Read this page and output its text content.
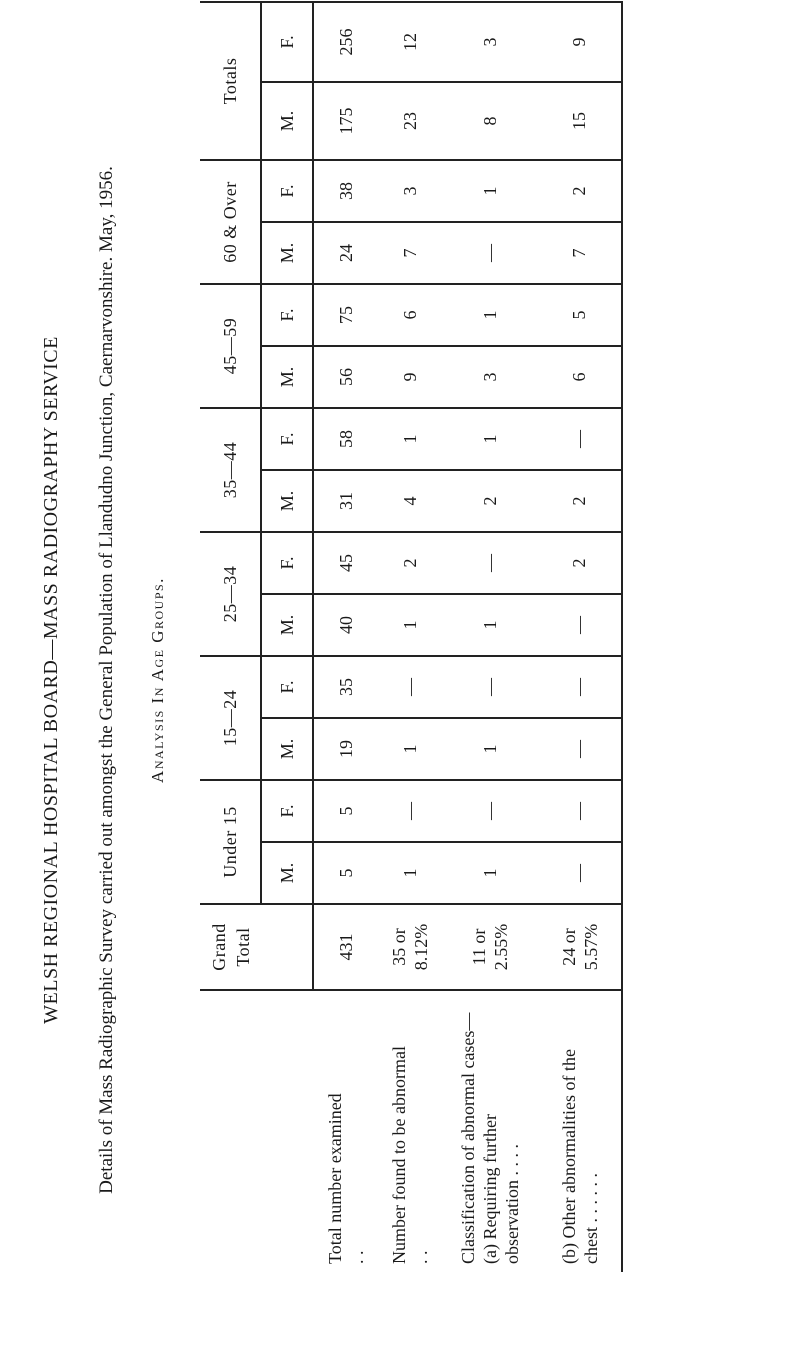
WELSH REGIONAL HOSPITAL BOARD—MASS RADIOGRAPHY SERVICE Details of Mass Radiographic Survey carried out amongst the General Population of Llandudno Junction, Caernarvonshire. May, 1956. Analysis In Age Groups.
	Grand Total	Under 15		15—24		25—34		35—44		45—59		60 & Over		Totals	
		M.	F.	M.	F.	M.	F.	M.	F.	M.	F.	M.	F.	M.	F.
Total number examined . .	431	5	5	19	35	40	45	31	58	56	75	24	38	175	256
Number found to be abnormal . .	35 or 8.12%	1	—	1	—	1	2	4	1	9	6	7	3	23	12
Classification of abnormal cases— (a) Requiring further observation . . . .	11 or 2.55%	1	—	1	—	1	—	2	1	3	1	—	1	8	3
(b) Other abnormalities of the chest . . . . . .	24 or 5.57%	—	—	—	—	—	2	2	—	6	5	7	2	15	9
